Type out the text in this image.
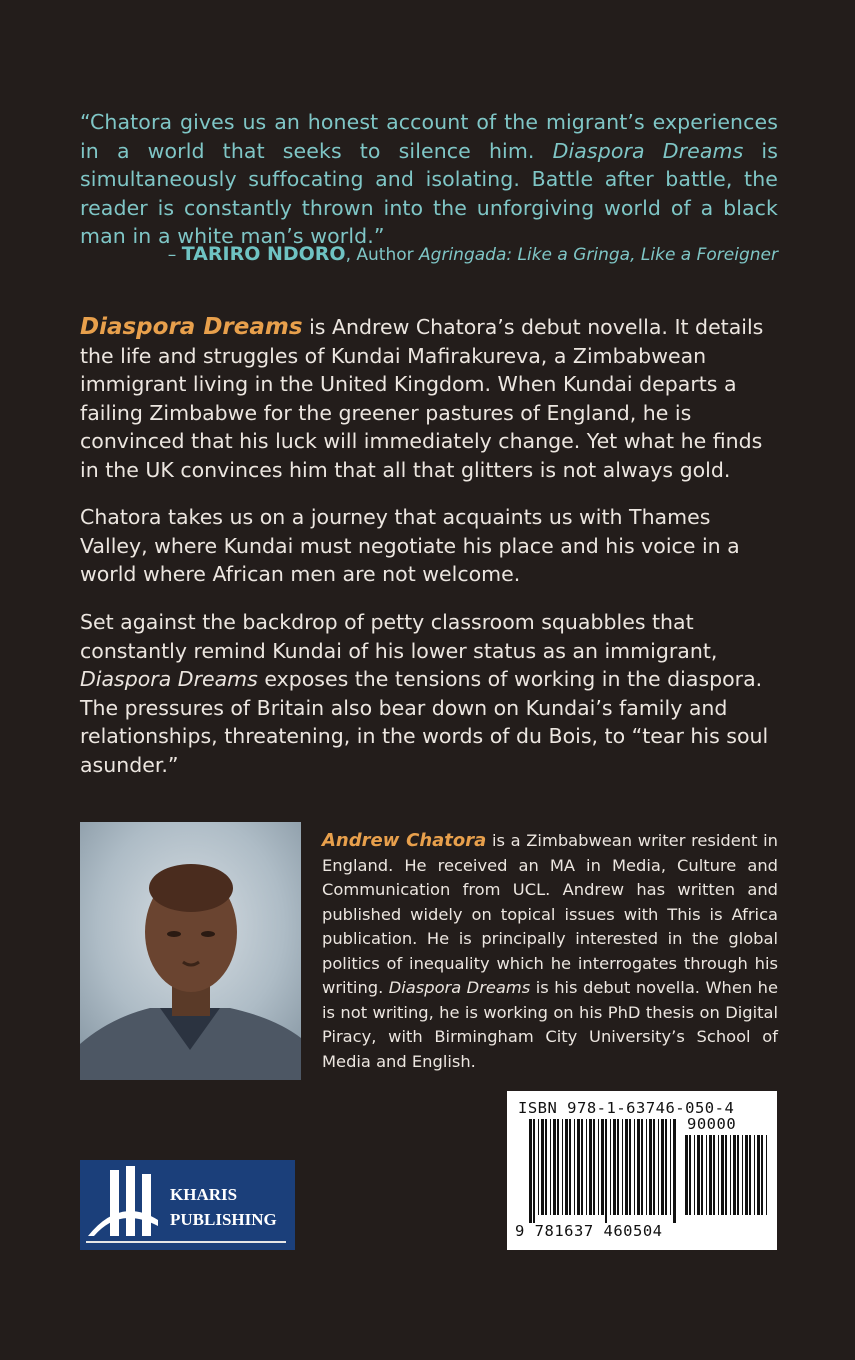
“Chatora gives us an honest account of the migrant’s experiences in a world that seeks to silence him. Diaspora Dreams is simultaneously suffocating and isolating. Battle after battle, the reader is constantly thrown into the unforgiving world of a black man in a white man’s world.”
– TARIRO NDORO, Author Agringada: Like a Gringa, Like a Foreigner
Diaspora Dreams is Andrew Chatora’s debut novella. It details the life and struggles of Kundai Mafirakureva, a Zimbabwean immigrant living in the United Kingdom. When Kundai departs a failing Zimbabwe for the greener pastures of England, he is convinced that his luck will immediately change. Yet what he finds in the UK convinces him that all that glitters is not always gold.
Chatora takes us on a journey that acquaints us with Thames Valley, where Kundai must negotiate his place and his voice in a world where African men are not welcome.
Set against the backdrop of petty classroom squabbles that constantly remind Kundai of his lower status as an immigrant, Diaspora Dreams exposes the tensions of working in the diaspora. The pressures of Britain also bear down on Kundai’s family and relationships, threatening, in the words of du Bois, to “tear his soul asunder.”
Andrew Chatora is a Zimbabwean writer resident in England. He received an MA in Media, Culture and Communication from UCL. Andrew has written and published widely on topical issues with This is Africa publication. He is principally interested in the global politics of inequality which he interrogates through his writing. Diaspora Dreams is his debut novella. When he is not writing, he is working on his PhD thesis on Digital Piracy, with Birmingham City University’s School of Media and English.
KHARIS
PUBLISHING
ISBN 978-1-63746-050-4
90000
9 781637 460504
